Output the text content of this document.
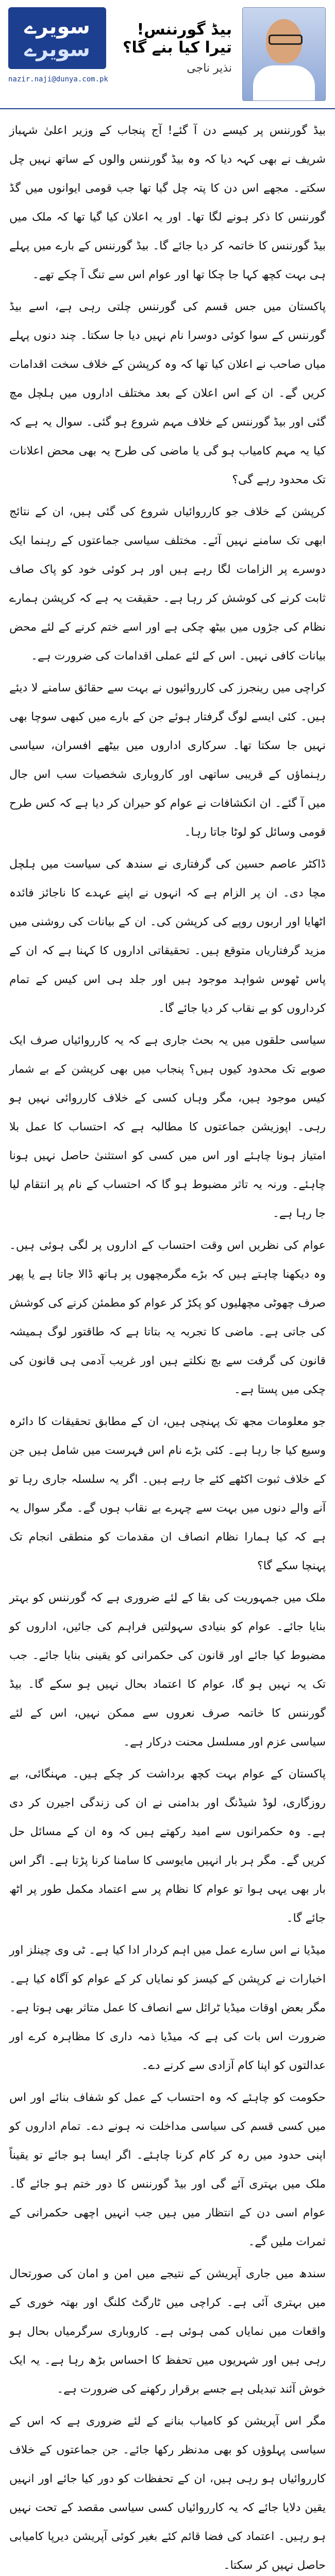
سویرے
سویرے
nazir.naji@dunya.com.pk
بیڈ گورننس! تیرا کیا بنے گا؟
نذیر ناجی

بیڈ گورننس پر کیسے دن آ گئے! آج پنجاب کے وزیر اعلیٰ شہباز شریف نے بھی کہہ دیا کہ وہ بیڈ گورننس والوں کے ساتھ نہیں چل سکتے۔ مجھے اس دن کا پتہ چل گیا تھا جب قومی ایوانوں میں گڈ گورننس کا ذکر ہونے لگا تھا۔ اور یہ اعلان کیا گیا تھا کہ ملک میں بیڈ گورننس کا خاتمہ کر دیا جائے گا۔ بیڈ گورننس کے بارے میں پہلے ہی بہت کچھ کہا جا چکا تھا اور عوام اس سے تنگ آ چکے تھے۔

پاکستان میں جس قسم کی گورننس چلتی رہی ہے، اسے بیڈ گورننس کے سوا کوئی دوسرا نام نہیں دیا جا سکتا۔ چند دنوں پہلے میاں صاحب نے اعلان کیا تھا کہ وہ کرپشن کے خلاف سخت اقدامات کریں گے۔ ان کے اس اعلان کے بعد مختلف اداروں میں ہلچل مچ گئی اور بیڈ گورننس کے خلاف مہم شروع ہو گئی۔ سوال یہ ہے کہ کیا یہ مہم کامیاب ہو گی یا ماضی کی طرح یہ بھی محض اعلانات تک محدود رہے گی؟

کرپشن کے خلاف جو کارروائیاں شروع کی گئی ہیں، ان کے نتائج ابھی تک سامنے نہیں آئے۔ مختلف سیاسی جماعتوں کے رہنما ایک دوسرے پر الزامات لگا رہے ہیں اور ہر کوئی خود کو پاک صاف ثابت کرنے کی کوشش کر رہا ہے۔ حقیقت یہ ہے کہ کرپشن ہمارے نظام کی جڑوں میں بیٹھ چکی ہے اور اسے ختم کرنے کے لئے محض بیانات کافی نہیں۔ اس کے لئے عملی اقدامات کی ضرورت ہے۔

کراچی میں رینجرز کی کارروائیوں نے بہت سے حقائق سامنے لا دیئے ہیں۔ کئی ایسے لوگ گرفتار ہوئے جن کے بارے میں کبھی سوچا بھی نہیں جا سکتا تھا۔ سرکاری اداروں میں بیٹھے افسران، سیاسی رہنماؤں کے قریبی ساتھی اور کاروباری شخصیات سب اس جال میں آ گئے۔ ان انکشافات نے عوام کو حیران کر دیا ہے کہ کس طرح قومی وسائل کو لوٹا جاتا رہا۔

ڈاکٹر عاصم حسین کی گرفتاری نے سندھ کی سیاست میں ہلچل مچا دی۔ ان پر الزام ہے کہ انہوں نے اپنے عہدے کا ناجائز فائدہ اٹھایا اور اربوں روپے کی کرپشن کی۔ ان کے بیانات کی روشنی میں مزید گرفتاریاں متوقع ہیں۔ تحقیقاتی اداروں کا کہنا ہے کہ ان کے پاس ٹھوس شواہد موجود ہیں اور جلد ہی اس کیس کے تمام کرداروں کو بے نقاب کر دیا جائے گا۔

سیاسی حلقوں میں یہ بحث جاری ہے کہ یہ کارروائیاں صرف ایک صوبے تک محدود کیوں ہیں؟ پنجاب میں بھی کرپشن کے بے شمار کیس موجود ہیں، مگر وہاں کسی کے خلاف کارروائی نہیں ہو رہی۔ اپوزیشن جماعتوں کا مطالبہ ہے کہ احتساب کا عمل بلا امتیاز ہونا چاہئے اور اس میں کسی کو استثنیٰ حاصل نہیں ہونا چاہئے۔ ورنہ یہ تاثر مضبوط ہو گا کہ احتساب کے نام پر انتقام لیا جا رہا ہے۔

عوام کی نظریں اس وقت احتساب کے اداروں پر لگی ہوئی ہیں۔ وہ دیکھنا چاہتے ہیں کہ بڑے مگرمچھوں پر ہاتھ ڈالا جاتا ہے یا پھر صرف چھوٹی مچھلیوں کو پکڑ کر عوام کو مطمئن کرنے کی کوشش کی جاتی ہے۔ ماضی کا تجربہ یہ بتاتا ہے کہ طاقتور لوگ ہمیشہ قانون کی گرفت سے بچ نکلتے ہیں اور غریب آدمی ہی قانون کی چکی میں پستا ہے۔

جو معلومات مجھ تک پہنچی ہیں، ان کے مطابق تحقیقات کا دائرہ وسیع کیا جا رہا ہے۔ کئی بڑے نام اس فہرست میں شامل ہیں جن کے خلاف ثبوت اکٹھے کئے جا رہے ہیں۔ اگر یہ سلسلہ جاری رہا تو آنے والے دنوں میں بہت سے چہرے بے نقاب ہوں گے۔ مگر سوال یہ ہے کہ کیا ہمارا نظام انصاف ان مقدمات کو منطقی انجام تک پہنچا سکے گا؟

ملک میں جمہوریت کی بقا کے لئے ضروری ہے کہ گورننس کو بہتر بنایا جائے۔ عوام کو بنیادی سہولتیں فراہم کی جائیں، اداروں کو مضبوط کیا جائے اور قانون کی حکمرانی کو یقینی بنایا جائے۔ جب تک یہ نہیں ہو گا، عوام کا اعتماد بحال نہیں ہو سکے گا۔ بیڈ گورننس کا خاتمہ صرف نعروں سے ممکن نہیں، اس کے لئے سیاسی عزم اور مسلسل محنت درکار ہے۔

پاکستان کے عوام بہت کچھ برداشت کر چکے ہیں۔ مہنگائی، بے روزگاری، لوڈ شیڈنگ اور بدامنی نے ان کی زندگی اجیرن کر دی ہے۔ وہ حکمرانوں سے امید رکھتے ہیں کہ وہ ان کے مسائل حل کریں گے۔ مگر ہر بار انہیں مایوسی کا سامنا کرنا پڑتا ہے۔ اگر اس بار بھی یہی ہوا تو عوام کا نظام پر سے اعتماد مکمل طور پر اٹھ جائے گا۔

میڈیا نے اس سارے عمل میں اہم کردار ادا کیا ہے۔ ٹی وی چینلز اور اخبارات نے کرپشن کے کیسز کو نمایاں کر کے عوام کو آگاہ کیا ہے۔ مگر بعض اوقات میڈیا ٹرائل سے انصاف کا عمل متاثر بھی ہوتا ہے۔ ضرورت اس بات کی ہے کہ میڈیا ذمہ داری کا مظاہرہ کرے اور عدالتوں کو اپنا کام آزادی سے کرنے دے۔

حکومت کو چاہئے کہ وہ احتساب کے عمل کو شفاف بنائے اور اس میں کسی قسم کی سیاسی مداخلت نہ ہونے دے۔ تمام اداروں کو اپنی حدود میں رہ کر کام کرنا چاہئے۔ اگر ایسا ہو جائے تو یقیناً ملک میں بہتری آئے گی اور بیڈ گورننس کا دور ختم ہو جائے گا۔ عوام اسی دن کے انتظار میں ہیں جب انہیں اچھی حکمرانی کے ثمرات ملیں گے۔

سندھ میں جاری آپریشن کے نتیجے میں امن و امان کی صورتحال میں بہتری آئی ہے۔ کراچی میں ٹارگٹ کلنگ اور بھتہ خوری کے واقعات میں نمایاں کمی ہوئی ہے۔ کاروباری سرگرمیاں بحال ہو رہی ہیں اور شہریوں میں تحفظ کا احساس بڑھ رہا ہے۔ یہ ایک خوش آئند تبدیلی ہے جسے برقرار رکھنے کی ضرورت ہے۔

مگر اس آپریشن کو کامیاب بنانے کے لئے ضروری ہے کہ اس کے سیاسی پہلوؤں کو بھی مدنظر رکھا جائے۔ جن جماعتوں کے خلاف کارروائیاں ہو رہی ہیں، ان کے تحفظات کو دور کیا جائے اور انہیں یقین دلایا جائے کہ یہ کارروائیاں کسی سیاسی مقصد کے تحت نہیں ہو رہیں۔ اعتماد کی فضا قائم کئے بغیر کوئی آپریشن دیرپا کامیابی حاصل نہیں کر سکتا۔
